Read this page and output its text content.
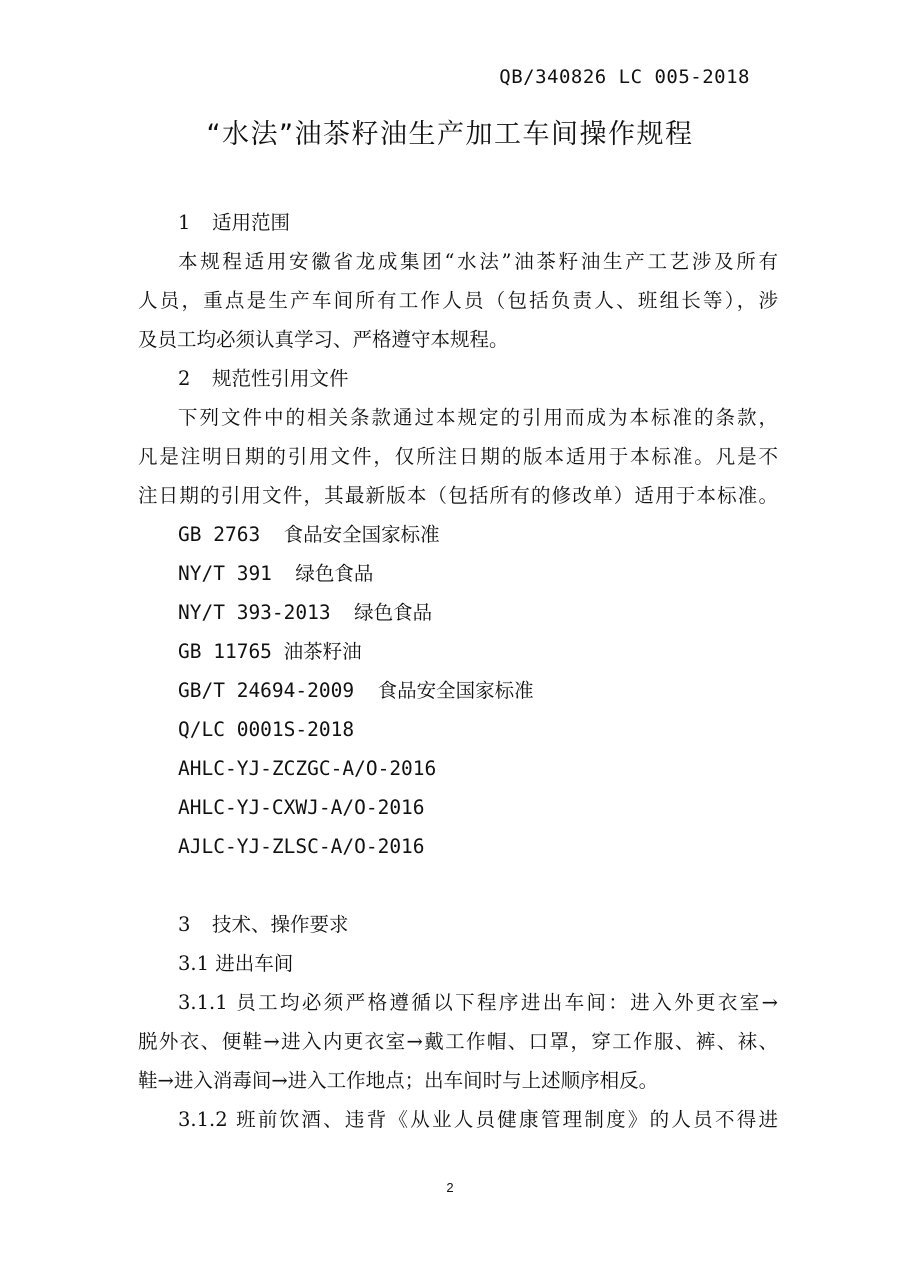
QB/340826 LC 005-2018
“水法”油茶籽油生产加工车间操作规程
1 适用范围
本规程适用安徽省龙成集团“水法”油茶籽油生产工艺涉及所有
人员，重点是生产车间所有工作人员（包括负责人、班组长等），涉
及员工均必须认真学习、严格遵守本规程。
2 规范性引用文件
下列文件中的相关条款通过本规定的引用而成为本标准的条款，
凡是注明日期的引用文件，仅所注日期的版本适用于本标准。凡是不
注日期的引用文件，其最新版本（包括所有的修改单）适用于本标准。
GB 2763  食品安全国家标准
NY/T 391  绿色食品
NY/T 393-2013  绿色食品
GB 11765 油茶籽油
GB/T 24694-2009  食品安全国家标准
Q/LC 0001S-2018
AHLC-YJ-ZCZGC-A/O-2016
AHLC-YJ-CXWJ-A/O-2016
AJLC-YJ-ZLSC-A/O-2016
3 技术、操作要求
3.1 进出车间
3.1.1 员工均必须严格遵循以下程序进出车间：进入外更衣室→
脱外衣、便鞋→进入内更衣室→戴工作帽、口罩，穿工作服、裤、袜、
鞋→进入消毒间→进入工作地点；出车间时与上述顺序相反。
3.1.2 班前饮酒、违背《从业人员健康管理制度》的人员不得进
2
